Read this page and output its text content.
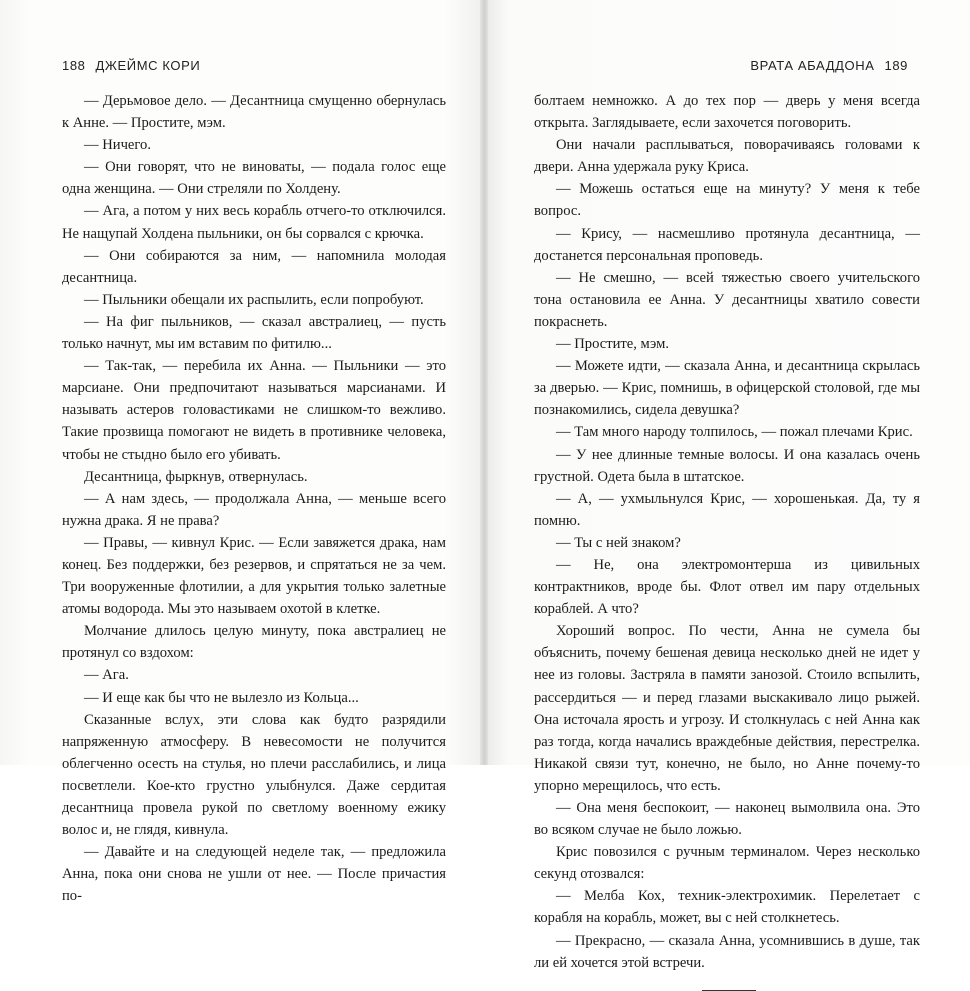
188 ДЖЕЙМС КОРИ

— Дерьмовое дело. — Десантница смущенно обернулась к Анне. — Простите, мэм.

— Ничего.

— Они говорят, что не виноваты, — подала голос еще одна женщина. — Они стреляли по Холдену.

— Ага, а потом у них весь корабль отчего-то отключился. Не нащупай Холдена пыльники, он бы сорвался с крючка.

— Они собираются за ним, — напомнила молодая десантница.

— Пыльники обещали их распылить, если попробуют.

— На фиг пыльников, — сказал австралиец, — пусть только начнут, мы им вставим по фитилю...

— Так-так, — перебила их Анна. — Пыльники — это марсиане. Они предпочитают называться марсианами. И называть астеров головастиками не слишком-то вежливо. Такие прозвища помогают не видеть в противнике человека, чтобы не стыдно было его убивать.

Десантница, фыркнув, отвернулась.

— А нам здесь, — продолжала Анна, — меньше всего нужна драка. Я не права?

— Правы, — кивнул Крис. — Если завяжется драка, нам конец. Без поддержки, без резервов, и спрятаться не за чем. Три вооруженные флотилии, а для укрытия только залетные атомы водорода. Мы это называем охотой в клетке.

Молчание длилось целую минуту, пока австралиец не протянул со вздохом:

— Ага.

— И еще как бы что не вылезло из Кольца...

Сказанные вслух, эти слова как будто разрядили напряженную атмосферу. В невесомости не получится облегченно осесть на стулья, но плечи расслабились, и лица посветлели. Кое-кто грустно улыбнулся. Даже сердитая десантница провела рукой по светлому военному ежику волос и, не глядя, кивнула.

— Давайте и на следующей неделе так, — предложила Анна, пока они снова не ушли от нее. — После причастия по-

ВРАТА АБАДДОНА 189

болтаем немножко. А до тех пор — дверь у меня всегда открыта. Заглядываете, если захочется поговорить.

Они начали расплываться, поворачиваясь головами к двери. Анна удержала руку Криса.

— Можешь остаться еще на минуту? У меня к тебе вопрос.

— Крису, — насмешливо протянула десантница, — достанется персональная проповедь.

— Не смешно, — всей тяжестью своего учительского тона остановила ее Анна. У десантницы хватило совести покраснеть.

— Простите, мэм.

— Можете идти, — сказала Анна, и десантница скрылась за дверью. — Крис, помнишь, в офицерской столовой, где мы познакомились, сидела девушка?

— Там много народу толпилось, — пожал плечами Крис.

— У нее длинные темные волосы. И она казалась очень грустной. Одета была в штатское.

— А, — ухмыльнулся Крис, — хорошенькая. Да, ту я помню.

— Ты с ней знаком?

— Не, она электромонтерша из цивильных контрактников, вроде бы. Флот отвел им пару отдельных кораблей. А что?

Хороший вопрос. По чести, Анна не сумела бы объяснить, почему бешеная девица несколько дней не идет у нее из головы. Застряла в памяти занозой. Стоило вспылить, рассердиться — и перед глазами выскакивало лицо рыжей. Она источала ярость и угрозу. И столкнулась с ней Анна как раз тогда, когда начались враждебные действия, перестрелка. Никакой связи тут, конечно, не было, но Анне почему-то упорно мерещилось, что есть.

— Она меня беспокоит, — наконец вымолвила она. Это во всяком случае не было ложью.

Крис повозился с ручным терминалом. Через несколько секунд отозвался:

— Мелба Кох, техник-электрохимик. Перелетает с корабля на корабль, может, вы с ней столкнетесь.

— Прекрасно, — сказала Анна, усомнившись в душе, так ли ей хочется этой встречи.
